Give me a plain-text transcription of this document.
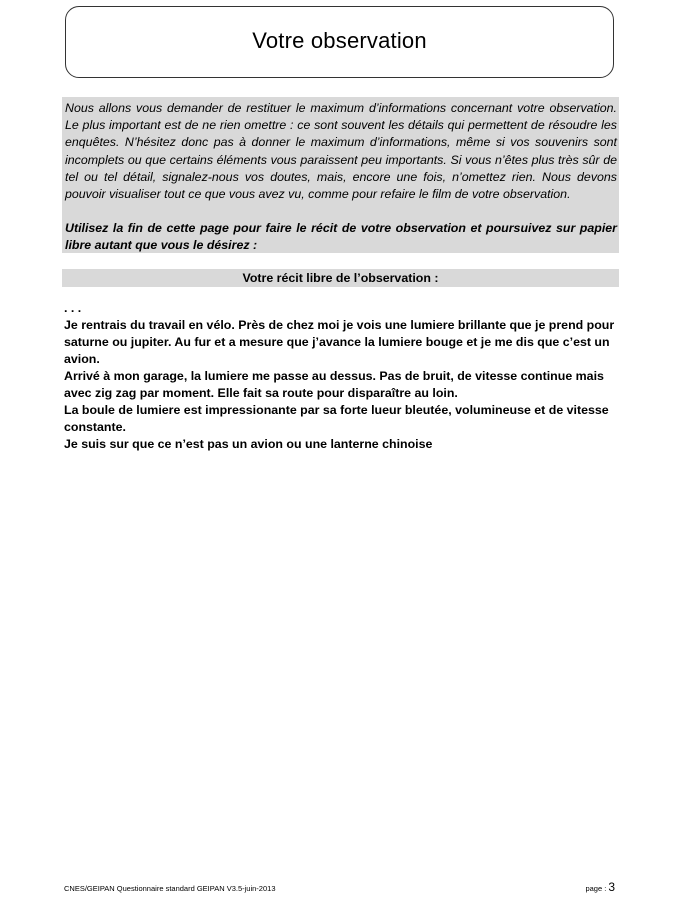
Votre observation

Nous allons vous demander de restituer le maximum d’informations concernant votre observation. Le plus important est de ne rien omettre : ce sont souvent les détails qui permettent de résoudre les enquêtes. N’hésitez donc pas à donner le maximum d’informations, même si vos souvenirs sont incomplets ou que certains éléments vous paraissent peu importants. Si vous n’êtes plus très sûr de tel ou tel détail, signalez-nous vos doutes, mais, encore une fois, n’omettez rien. Nous devons pouvoir visualiser tout ce que vous avez vu, comme pour refaire le film de votre observation.

Utilisez la fin de cette page pour faire le récit de votre observation et poursuivez sur papier libre autant que vous le désirez :

Votre récit libre de l’observation :

. . .

Je rentrais du travail en vélo. Près de chez moi je vois une lumiere brillante que je prend pour saturne ou jupiter. Au fur et a mesure que j’avance la lumiere bouge et je me dis que c’est un avion.

Arrivé à mon garage, la lumiere me passe au dessus. Pas de bruit, de vitesse continue mais avec zig zag par moment. Elle fait sa route pour disparaître au loin.

La boule de lumiere est impressionante par sa forte lueur bleutée, volumineuse et de vitesse constante.

Je suis sur que ce n’est pas un avion ou une lanterne chinoise

CNES/GEIPAN Questionnaire standard GEIPAN V3.5-juin-2013	page : 3
